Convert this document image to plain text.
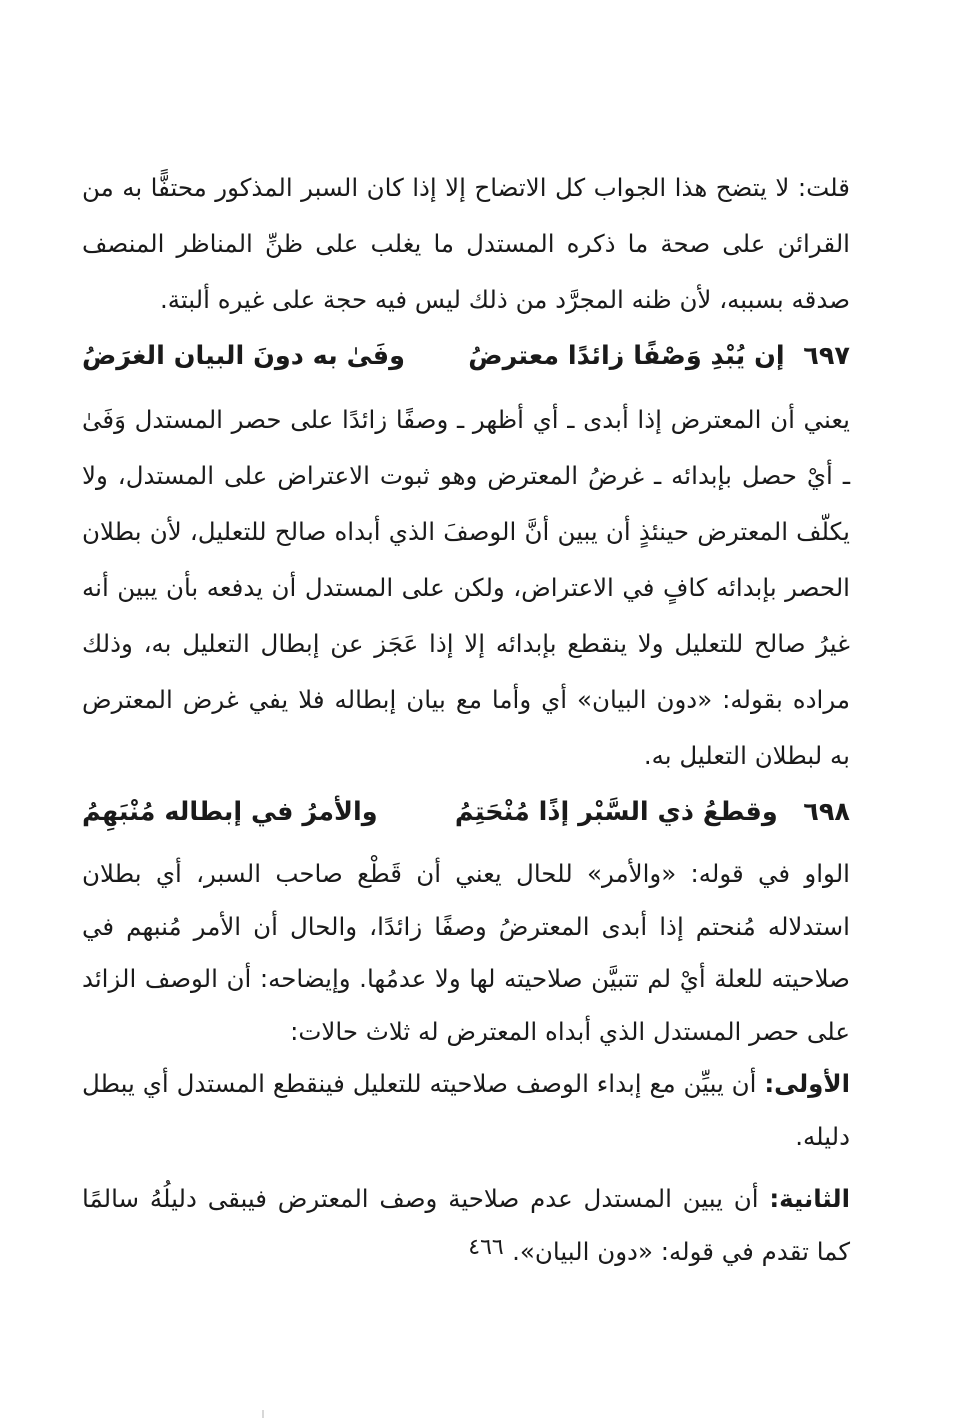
قلت: لا يتضح هذا الجواب كل الاتضاح إلا إذا كان السبر المذكور محتفًّا به من القرائن على صحة ما ذكره المستدل ما يغلب على ظنِّ المناظر المنصف صدقه بسببه، لأن ظنه المجرَّد من ذلك ليس فيه حجة على غيره ألبتة.

٦٩٧
إن يُبْدِ وَصْفًا زائدًا معترضُ
وفَىٰ به دونَ البيان الغرَضُ

يعني أن المعترض إذا أبدى ـ أي أظهر ـ وصفًا زائدًا على حصر المستدل وَفَىٰ ـ أيْ حصل بإبدائه ـ غرضُ المعترض وهو ثبوت الاعتراض على المستدل، ولا يكلّف المعترض حينئذٍ أن يبين أنَّ الوصفَ الذي أبداه صالح للتعليل، لأن بطلان الحصر بإبدائه كافٍ في الاعتراض، ولكن على المستدل أن يدفعه بأن يبين أنه غيرُ صالح للتعليل ولا ينقطع بإبدائه إلا إذا عَجَز عن إبطال التعليل به، وذلك مراده بقوله: «دون البيان» أي وأما مع بيان إبطاله فلا يفي غرض المعترض به لبطلان التعليل به.

٦٩٨
وقطعُ ذي السَّبْر إذًا مُنْحَتِمُ
والأمرُ في إبطاله مُنْبَهِمُ

الواو في قوله: «والأمر» للحال يعني أن قَطْع صاحب السبر، أي بطلان استدلاله مُنحتم إذا أبدى المعترضُ وصفًا زائدًا، والحال أن الأمر مُنبهم في صلاحيته للعلة أيْ لم تتبيَّن صلاحيته لها ولا عدمُها. وإيضاحه: أن الوصف الزائد على حصر المستدل الذي أبداه المعترض له ثلاث حالات:

الأولى: أن يبيِّن مع إبداء الوصف صلاحيته للتعليل فينقطع المستدل أي يبطل دليله.

الثانية: أن يبين المستدل عدم صلاحية وصف المعترض فيبقى دليلُهُ سالمًا كما تقدم في قوله: «دون البيان».

٤٦٦
